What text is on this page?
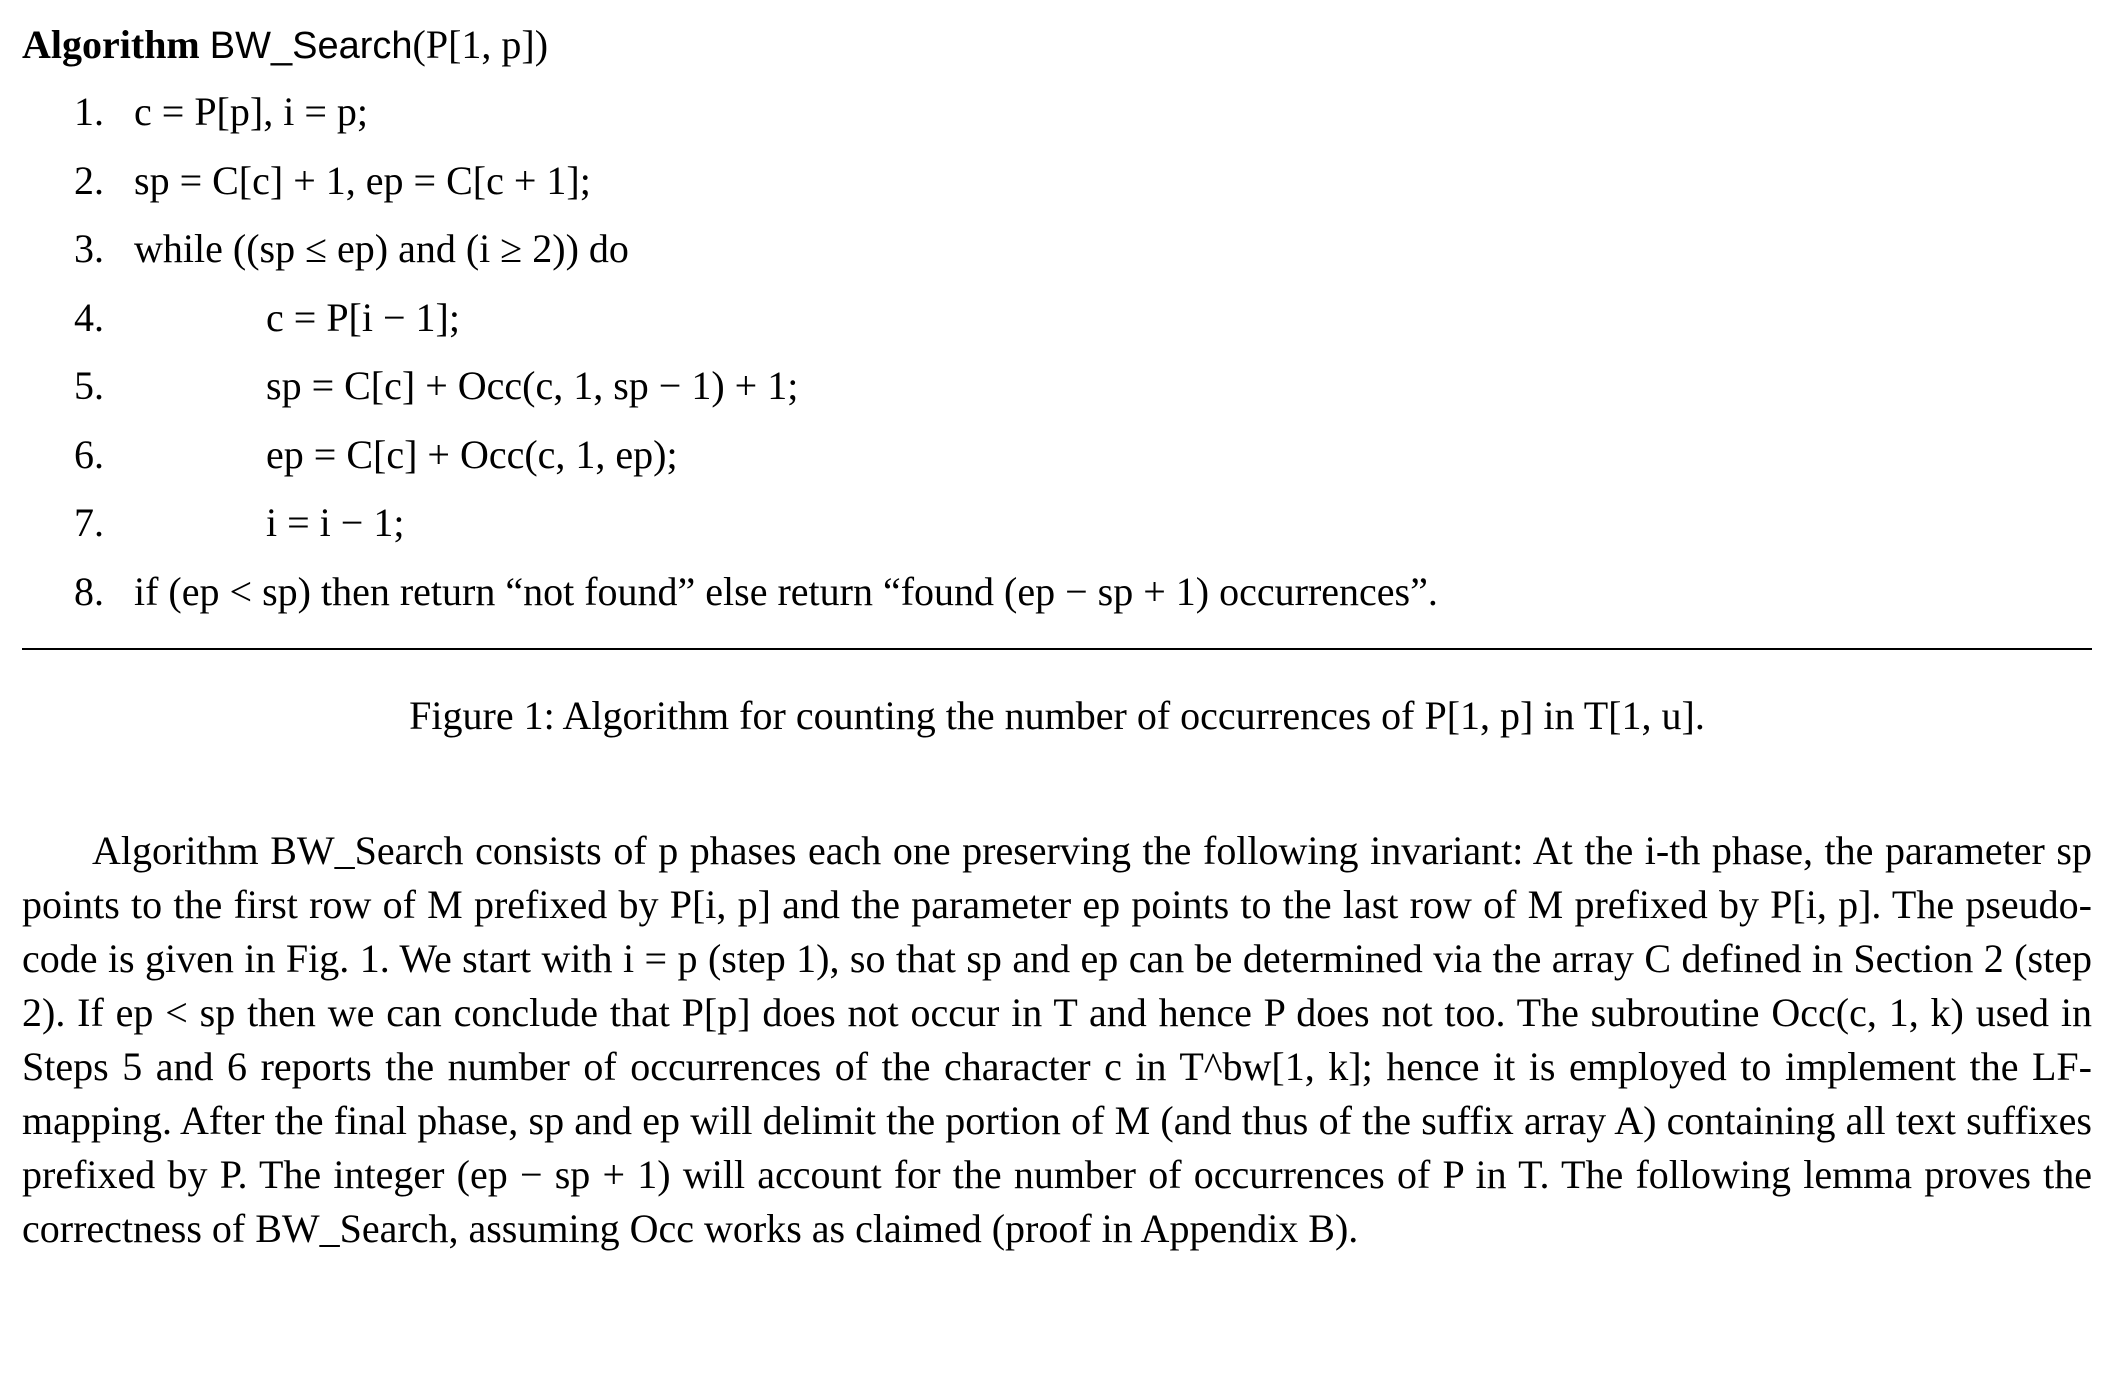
Algorithm BW_Search(P[1, p])
1. c = P[p], i = p;
2. sp = C[c] + 1, ep = C[c + 1];
3. while ((sp ≤ ep) and (i ≥ 2)) do
4.	c = P[i − 1];
5.	sp = C[c] + Occ(c, 1, sp − 1) + 1;
6.	ep = C[c] + Occ(c, 1, ep);
7.	i = i − 1;
8. if (ep < sp) then return “not found” else return “found (ep − sp + 1) occurrences”.
Figure 1: Algorithm for counting the number of occurrences of P[1, p] in T[1, u].
Algorithm BW_Search consists of p phases each one preserving the following invariant: At the i-th phase, the parameter sp points to the first row of M prefixed by P[i, p] and the parameter ep points to the last row of M prefixed by P[i, p]. The pseudo-code is given in Fig. 1. We start with i = p (step 1), so that sp and ep can be determined via the array C defined in Section 2 (step 2). If ep < sp then we can conclude that P[p] does not occur in T and hence P does not too. The subroutine Occ(c, 1, k) used in Steps 5 and 6 reports the number of occurrences of the character c in T^bw[1, k]; hence it is employed to implement the LF-mapping. After the final phase, sp and ep will delimit the portion of M (and thus of the suffix array A) containing all text suffixes prefixed by P. The integer (ep − sp + 1) will account for the number of occurrences of P in T. The following lemma proves the correctness of BW_Search, assuming Occ works as claimed (proof in Appendix B).
